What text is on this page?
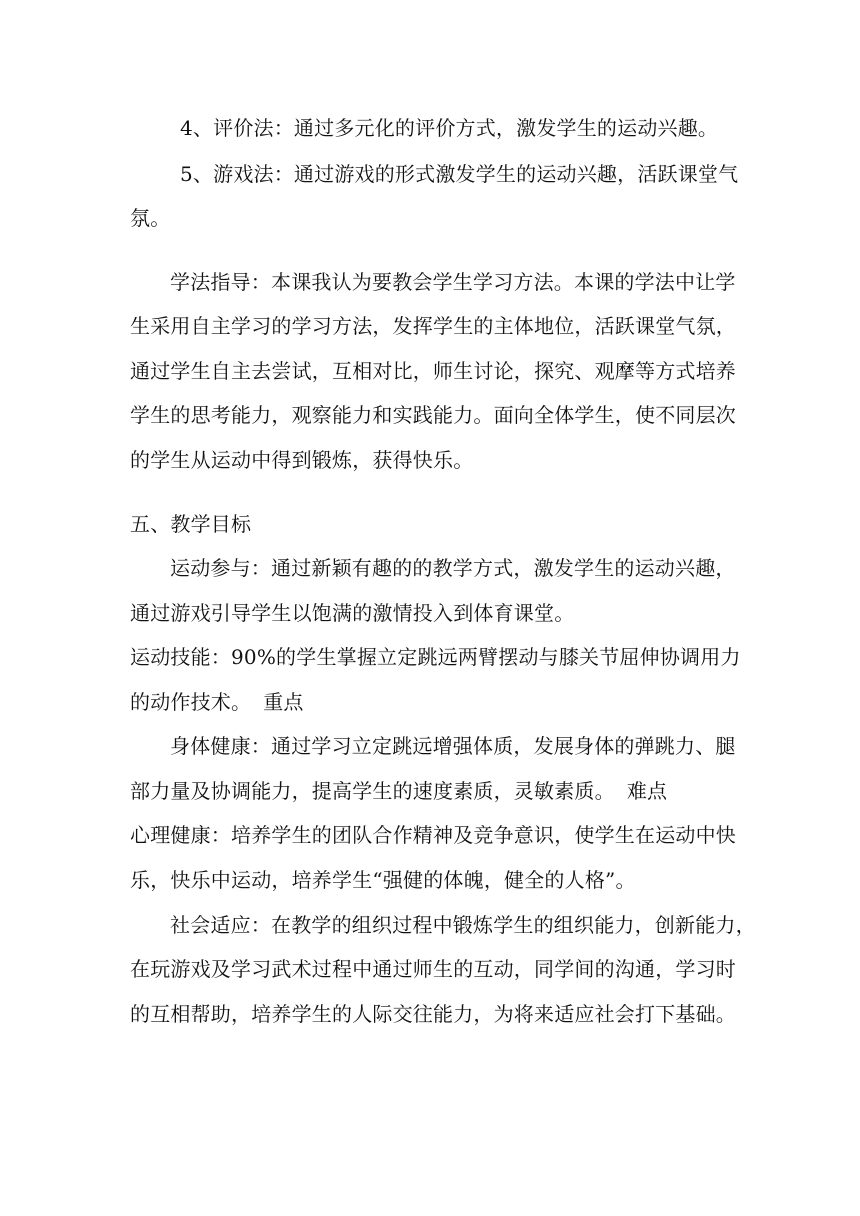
4、评价法：通过多元化的评价方式，激发学生的运动兴趣。
5、游戏法：通过游戏的形式激发学生的运动兴趣，活跃课堂气
氛。
学法指导：本课我认为要教会学生学习方法。本课的学法中让学
生采用自主学习的学习方法，发挥学生的主体地位，活跃课堂气氛，
通过学生自主去尝试，互相对比，师生讨论，探究、观摩等方式培养
学生的思考能力，观察能力和实践能力。面向全体学生，使不同层次
的学生从运动中得到锻炼，获得快乐。
五、教学目标
运动参与：通过新颖有趣的的教学方式，激发学生的运动兴趣，
通过游戏引导学生以饱满的激情投入到体育课堂。
运动技能：90%的学生掌握立定跳远两臂摆动与膝关节屈伸协调用力
的动作技术。 重点
身体健康：通过学习立定跳远增强体质，发展身体的弹跳力、腿
部力量及协调能力，提高学生的速度素质，灵敏素质。 难点
心理健康：培养学生的团队合作精神及竞争意识，使学生在运动中快
乐，快乐中运动，培养学生“强健的体魄，健全的人格”。
社会适应：在教学的组织过程中锻炼学生的组织能力，创新能力，
在玩游戏及学习武术过程中通过师生的互动，同学间的沟通，学习时
的互相帮助，培养学生的人际交往能力，为将来适应社会打下基础。
